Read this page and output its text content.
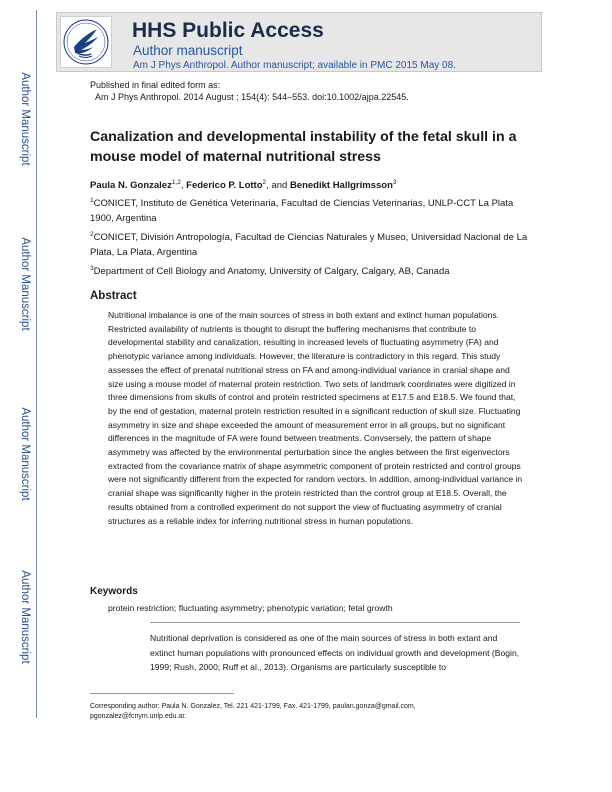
Author Manuscript
Author Manuscript
Author Manuscript
Author Manuscript
HHS Public Access
Author manuscript
Am J Phys Anthropol. Author manuscript; available in PMC 2015 May 08.
Published in final edited form as:
Am J Phys Anthropol. 2014 August ; 154(4): 544–553. doi:10.1002/ajpa.22545.
Canalization and developmental instability of the fetal skull in a mouse model of maternal nutritional stress
Paula N. Gonzalez$^{1,2}$, Federico P. Lotto$^2$, and Benedikt Hallgrímsson$^3$
$^1$CONICET, Instituto de Genética Veterinaria, Facultad de Ciencias Veterinarias, UNLP-CCT La Plata 1900, Argentina
$^2$CONICET, División Antropología, Facultad de Ciencias Naturales y Museo, Universidad Nacional de La Plata, La Plata, Argentina
$^3$Department of Cell Biology and Anatomy, University of Calgary, Calgary, AB, Canada
Abstract
Nutritional imbalance is one of the main sources of stress in both extant and extinct human populations. Restricted availability of nutrients is thought to disrupt the buffering mechanisms that contribute to developmental stability and canalization, resulting in increased levels of fluctuating asymmetry (FA) and phenotypic variance among individuals. However, the literature is contradictory in this regard. This study assesses the effect of prenatal nutritional stress on FA and among-individual variance in cranial shape and size using a mouse model of maternal protein restriction. Two sets of landmark coordinates were digitized in three dimensions from skulls of control and protein restricted specimens at E17.5 and E18.5. We found that, by the end of gestation, maternal protein restriction resulted in a significant reduction of skull size. Fluctuating asymmetry in size and shape exceeded the amount of measurement error in all groups, but no significant differences in the magnitude of FA were found between treatments. Convsersely, the pattern of shape asymmetry was affected by the environmental perturbation since the angles between the first eigenvectors extracted from the covariance matrix of shape asymmetric component of protein restricted and control groups were not significantly different from the expected for random vectors. In addition, among-individual variance in cranial shape was significanlty higher in the protein restricted than the control group at E18.5. Overall, the results obtained from a controlled experiment do not support the view of fluctuating asymmetry of cranial structures as a reliable index for inferring nutritional stress in human populations.
Keywords
protein restriction; fluctuating asymmetry; phenotypic variation; fetal growth
Nutritional deprivation is considered as one of the main sources of stress in both extant and extinct human populations with pronounced effects on individual growth and development (Bogin, 1999; Rush, 2000; Ruff et al., 2013). Organisms are particularly susceptible to
Corresponding author: Paula N. Gonzalez, Tel. 221 421-1799, Fax. 421-1799, paulan.gonza@gmail.com, pgonzalez@fcnym.unlp.edu.ar.
